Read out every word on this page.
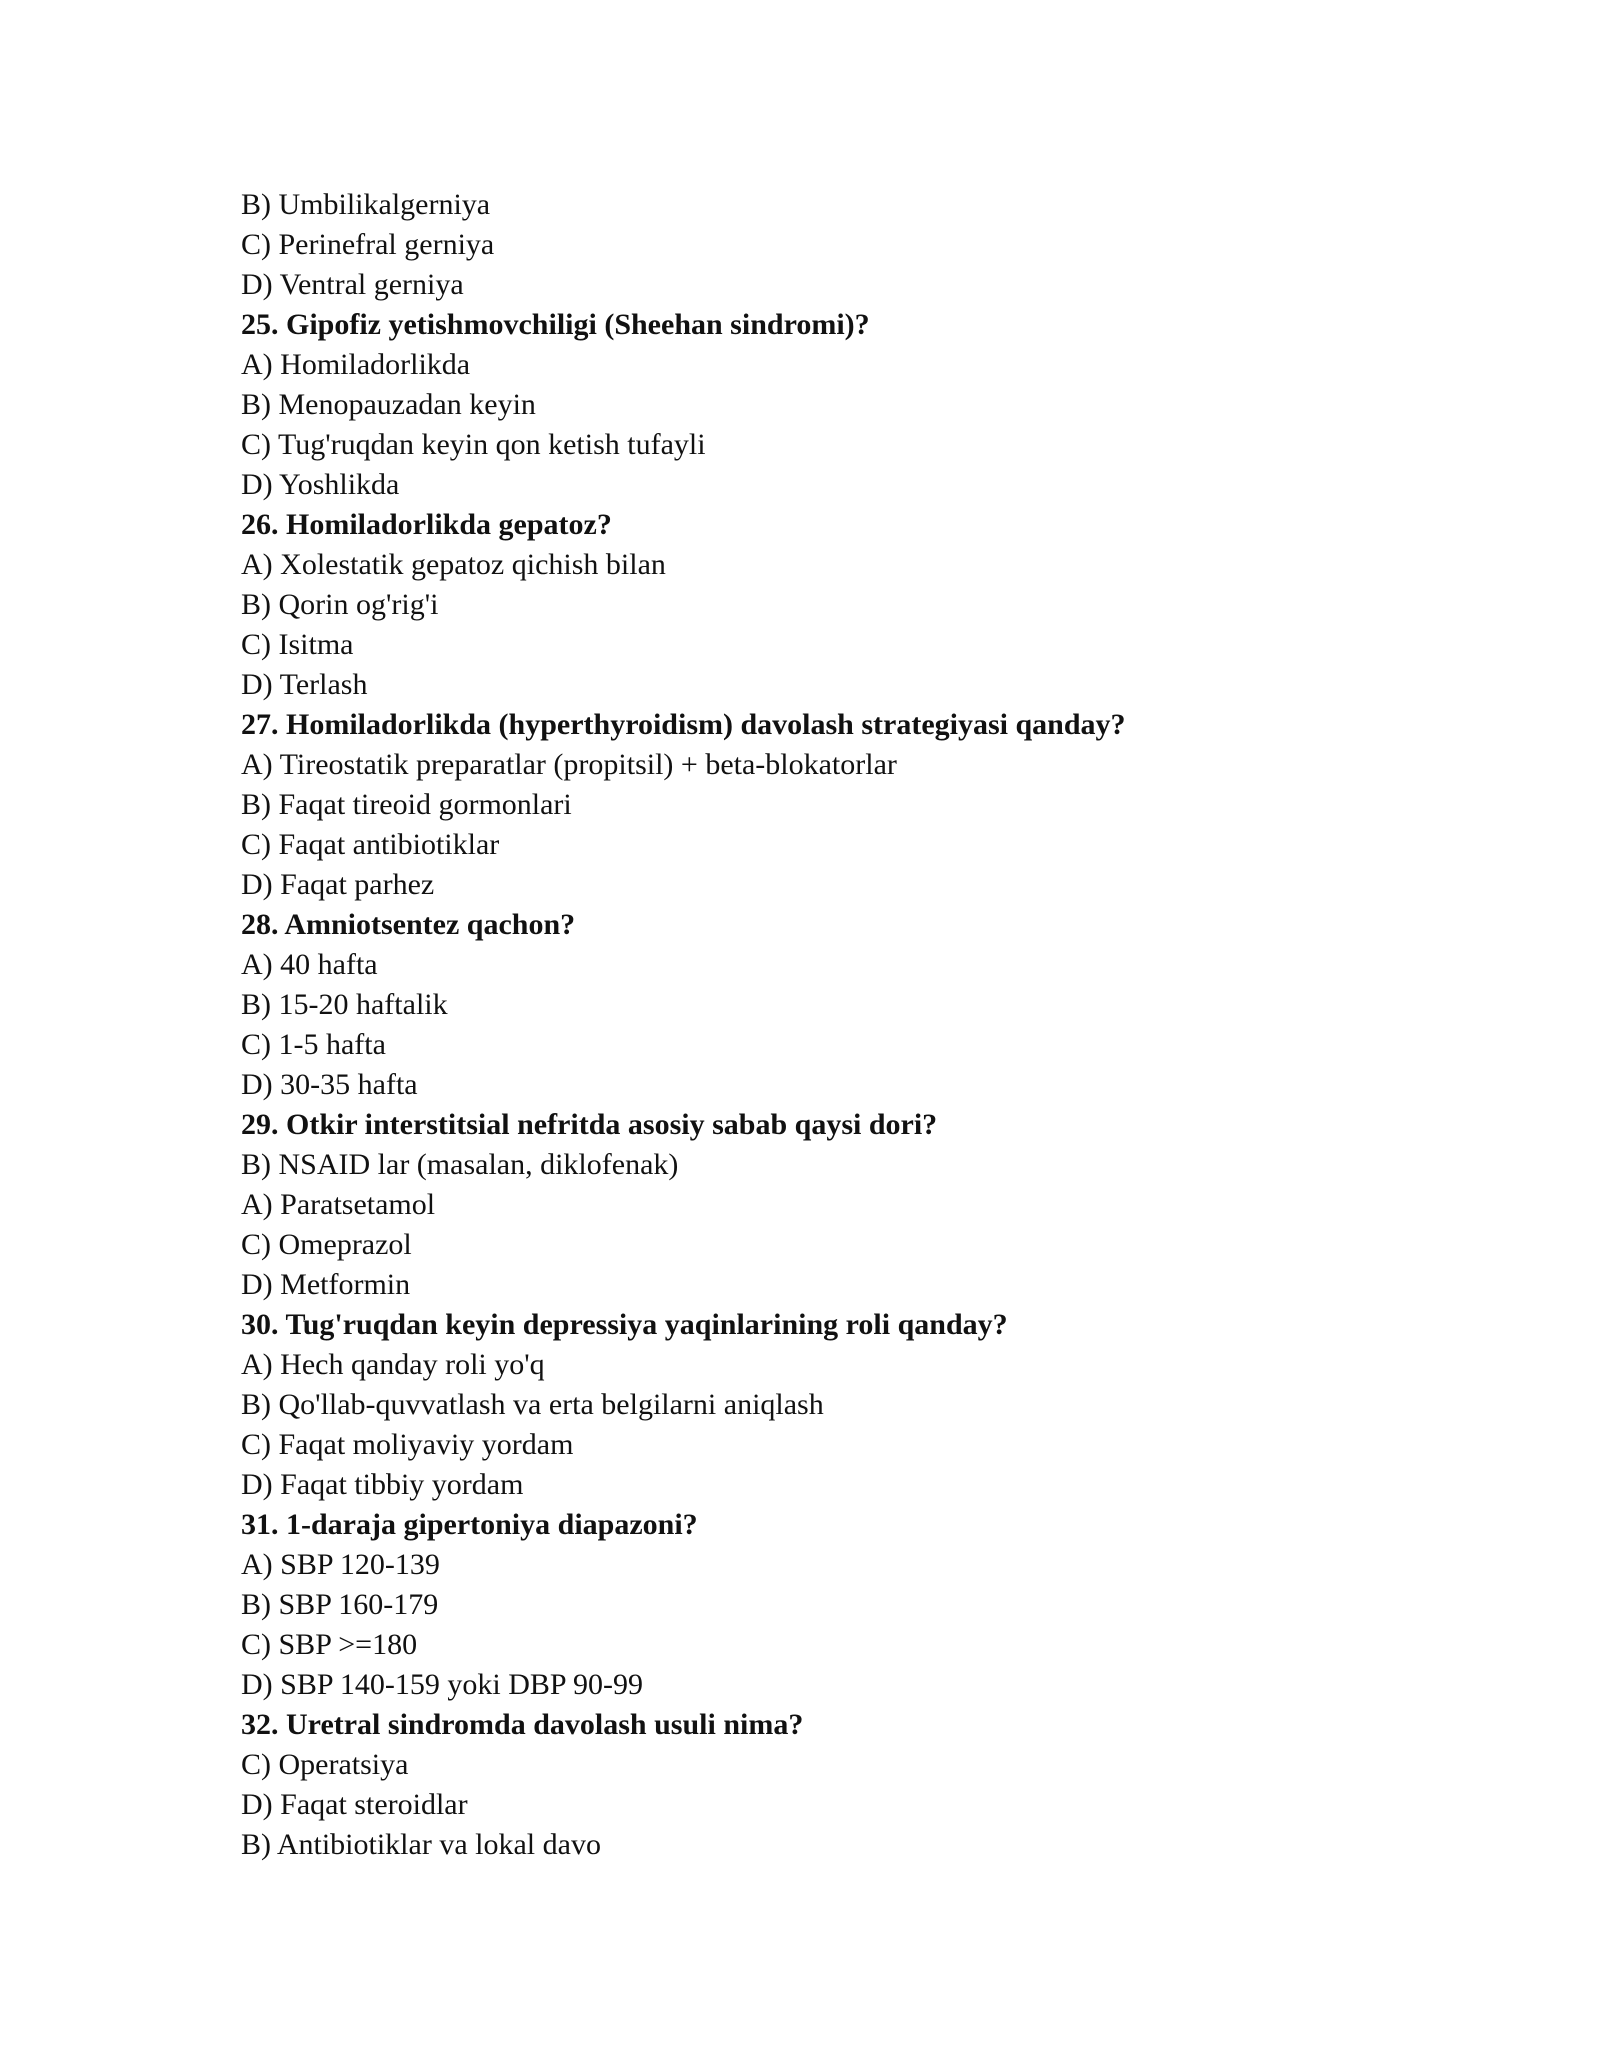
B) Umbilikalgerniya
C) Perinefral gerniya
D) Ventral gerniya
25. Gipofiz yetishmovchiligi (Sheehan sindromi)?
A) Homiladorlikda
B) Menopauzadan keyin
C) Tug'ruqdan keyin qon ketish tufayli
D) Yoshlikda
26. Homiladorlikda gepatoz?
A) Xolestatik gepatoz qichish bilan
B) Qorin og'rig'i
C) Isitma
D) Terlash
27. Homiladorlikda (hyperthyroidism) davolash strategiyasi qanday?
A) Tireostatik preparatlar (propitsil) + beta-blokatorlar
B) Faqat tireoid gormonlari
C) Faqat antibiotiklar
D) Faqat parhez
28. Amniotsentez qachon?
A) 40 hafta
B) 15-20 haftalik
C) 1-5 hafta
D) 30-35 hafta
29. Otkir interstitsial nefritda asosiy sabab qaysi dori?
B) NSAID lar (masalan, diklofenak)
A) Paratsetamol
C) Omeprazol
D) Metformin
30. Tug'ruqdan keyin depressiya yaqinlarining roli qanday?
A) Hech qanday roli yo'q
B) Qo'llab-quvvatlash va erta belgilarni aniqlash
C) Faqat moliyaviy yordam
D) Faqat tibbiy yordam
31. 1-daraja gipertoniya diapazoni?
A) SBP 120-139
B) SBP 160-179
C) SBP >=180
D) SBP 140-159 yoki DBP 90-99
32. Uretral sindromda davolash usuli nima?
C) Operatsiya
D) Faqat steroidlar
B) Antibiotiklar va lokal davo
